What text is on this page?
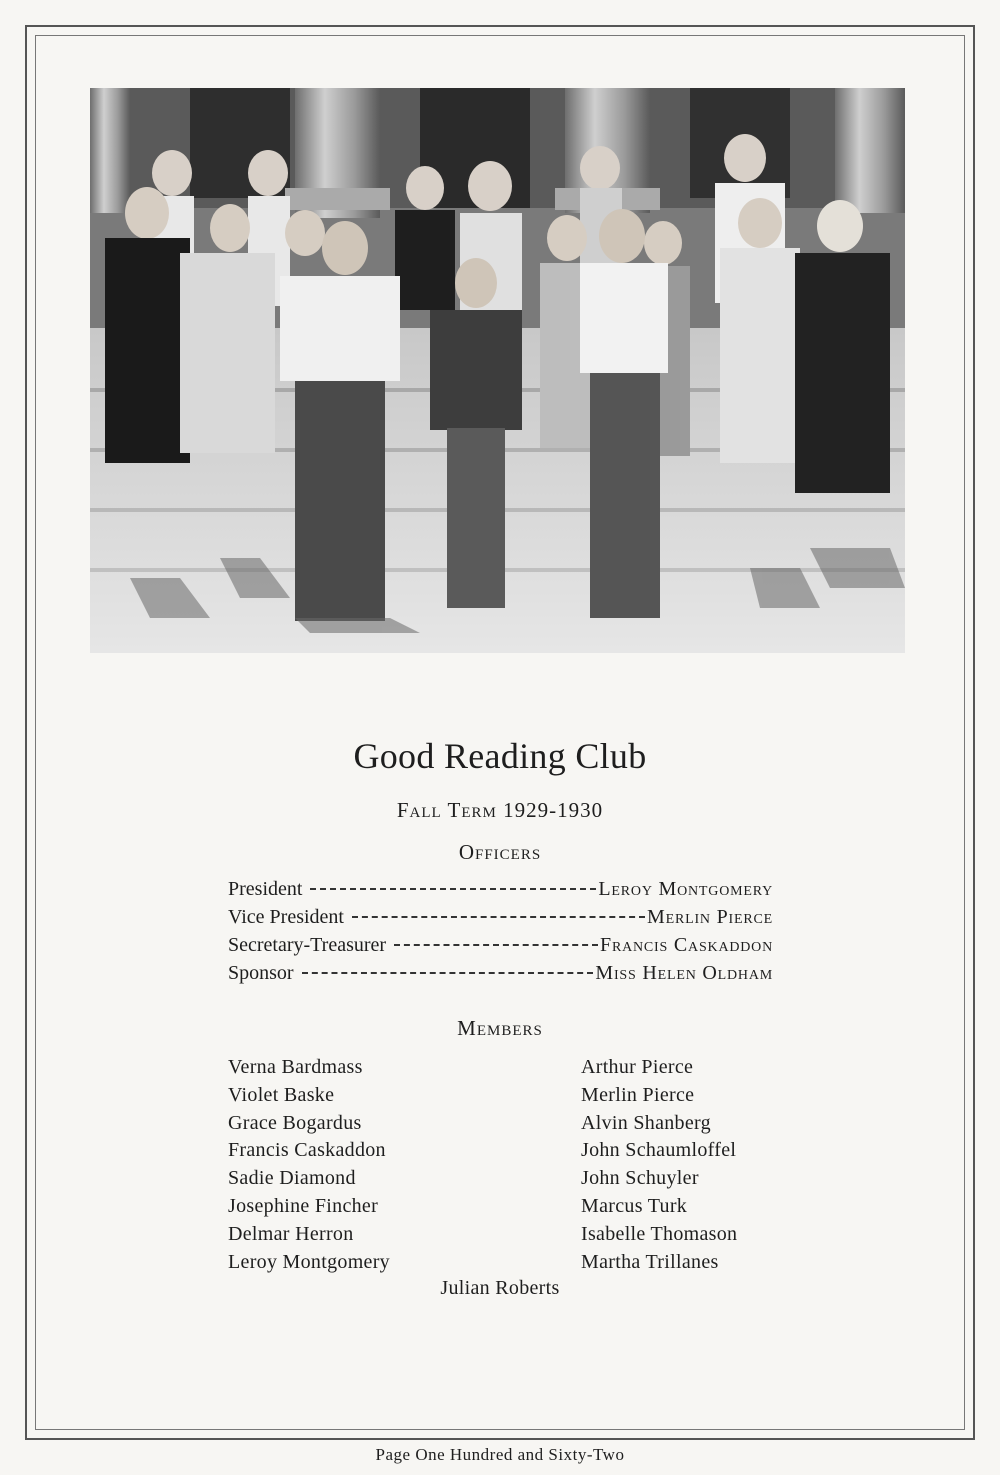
Good Reading Club
Fall Term 1929-1930
Officers
President	Leroy Montgomery
Vice President	Merlin Pierce
Secretary-Treasurer	Francis Caskaddon
Sponsor	Miss Helen Oldham
Members
Verna Bardmass
Violet Baske
Grace Bogardus
Francis Caskaddon
Sadie Diamond
Josephine Fincher
Delmar Herron
Leroy Montgomery
Arthur Pierce
Merlin Pierce
Alvin Shanberg
John Schaumloffel
John Schuyler
Marcus Turk
Isabelle Thomason
Martha Trillanes
Julian Roberts
Page One Hundred and Sixty-Two
